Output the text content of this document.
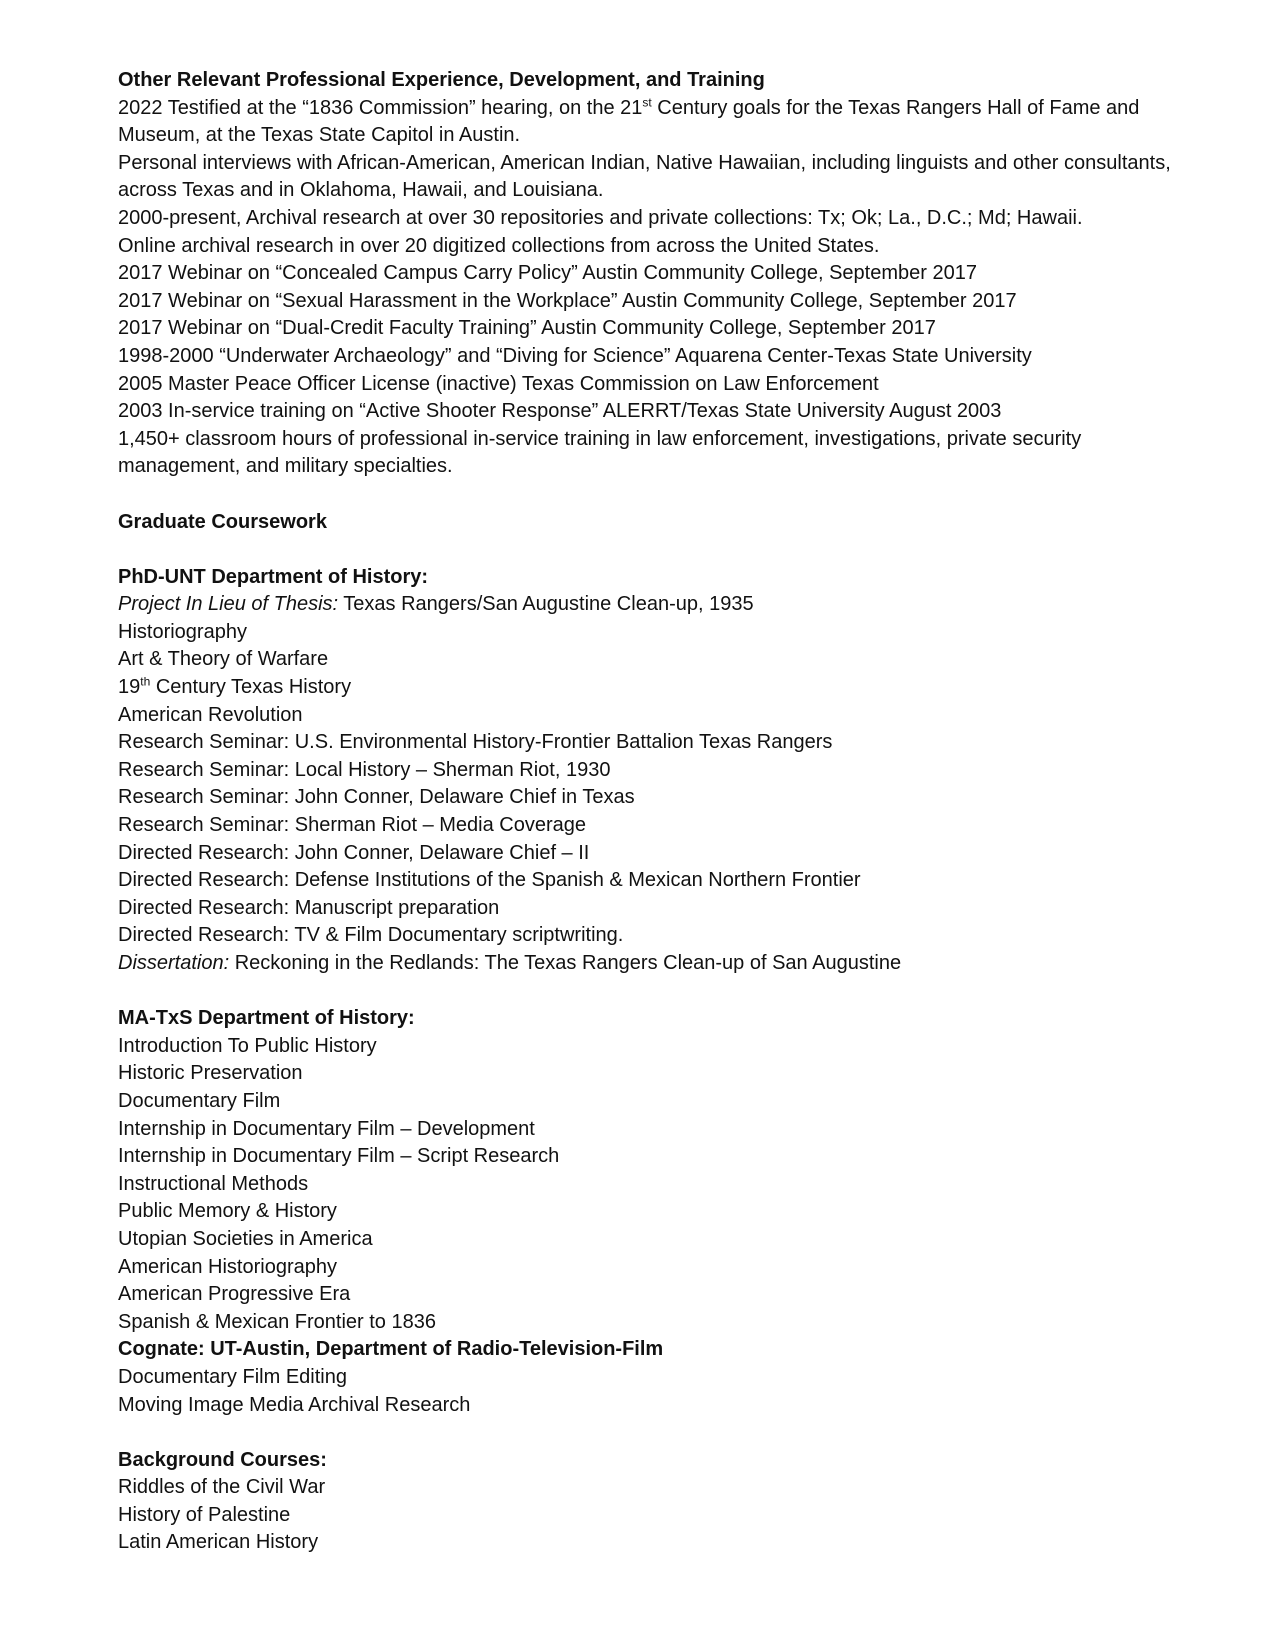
Other Relevant Professional Experience, Development, and Training

2022 Testified at the “1836 Commission” hearing, on the 21st Century goals for the Texas Rangers Hall of Fame and Museum, at the Texas State Capitol in Austin.

Personal interviews with African-American, American Indian, Native Hawaiian, including linguists and other consultants, across Texas and in Oklahoma, Hawaii, and Louisiana.

2000-present, Archival research at over 30 repositories and private collections: Tx; Ok; La., D.C.; Md; Hawaii.

Online archival research in over 20 digitized collections from across the United States.

2017 Webinar on “Concealed Campus Carry Policy” Austin Community College, September 2017

2017 Webinar on “Sexual Harassment in the Workplace” Austin Community College, September 2017

2017 Webinar on “Dual-Credit Faculty Training” Austin Community College, September 2017

1998-2000 “Underwater Archaeology” and “Diving for Science” Aquarena Center-Texas State University

2005 Master Peace Officer License (inactive) Texas Commission on Law Enforcement

2003 In-service training on “Active Shooter Response” ALERRT/Texas State University August 2003

1,450+ classroom hours of professional in-service training in law enforcement, investigations, private security management, and military specialties.

Graduate Coursework

PhD-UNT Department of History:

Project In Lieu of Thesis: Texas Rangers/San Augustine Clean-up, 1935

Historiography

Art & Theory of Warfare

19th Century Texas History

American Revolution

Research Seminar: U.S. Environmental History-Frontier Battalion Texas Rangers

Research Seminar: Local History – Sherman Riot, 1930

Research Seminar: John Conner, Delaware Chief in Texas

Research Seminar: Sherman Riot – Media Coverage

Directed Research: John Conner, Delaware Chief – II

Directed Research: Defense Institutions of the Spanish & Mexican Northern Frontier

Directed Research: Manuscript preparation

Directed Research: TV & Film Documentary scriptwriting.

Dissertation: Reckoning in the Redlands: The Texas Rangers Clean-up of San Augustine

MA-TxS Department of History:

Introduction To Public History

Historic Preservation

Documentary Film

Internship in Documentary Film – Development

Internship in Documentary Film – Script Research

Instructional Methods

Public Memory & History

Utopian Societies in America

American Historiography

American Progressive Era

Spanish & Mexican Frontier to 1836

Cognate: UT-Austin, Department of Radio-Television-Film

Documentary Film Editing

Moving Image Media Archival Research

Background Courses:

Riddles of the Civil War

History of Palestine

Latin American History
